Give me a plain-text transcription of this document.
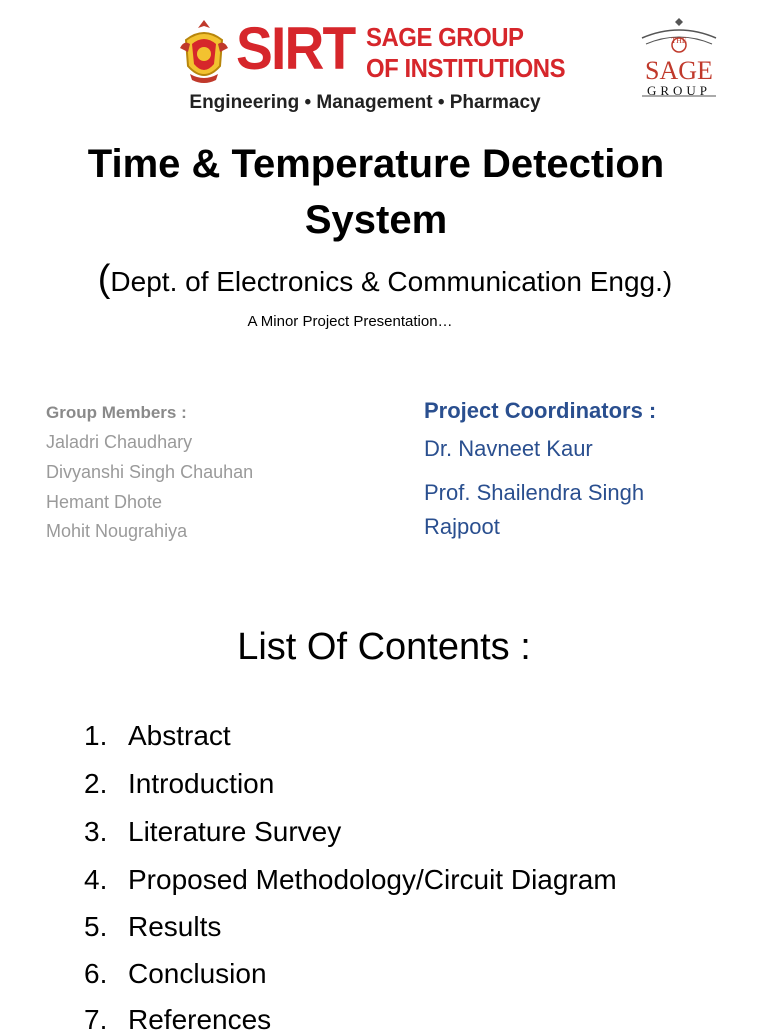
SIRT SAGE GROUP
OF INSTITUTIONS
Engineering • Management • Pharmacy
THE
SAGE
GROUP
Time & Temperature Detection System
(Dept. of Electronics & Communication Engg.)
A Minor Project Presentation…
Group Members :
Jaladri Chaudhary
Divyanshi Singh Chauhan
Hemant Dhote
Mohit Nougrahiya
Project Coordinators :
Dr. Navneet Kaur
Prof. Shailendra Singh Rajpoot
List Of Contents :
1. Abstract
2. Introduction
3. Literature Survey
4. Proposed Methodology/Circuit Diagram
5. Results
6. Conclusion
7. References
